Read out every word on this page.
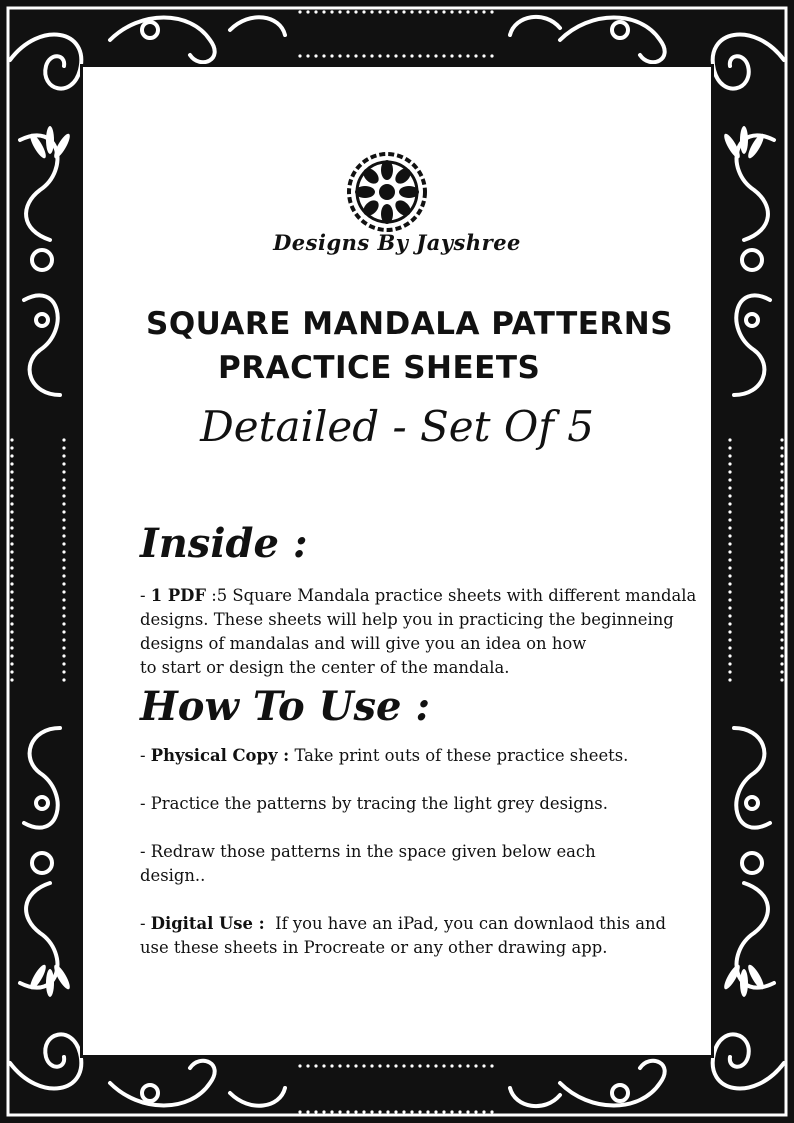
Designs By Jayshree
SQUARE MANDALA PATTERNS
PRACTICE SHEETS
Detailed - Set Of 5
Inside :

- 1 PDF :5 Square Mandala practice sheets with different mandala

designs. These sheets will help you in practicing the beginneing

designs of mandalas and will give you an idea on how

to start or design the center of the mandala.

How To Use :

- Physical Copy : Take print outs of these practice sheets.

- Practice the patterns by tracing the light grey designs.

- Redraw those patterns in the space given below each

design..

- Digital Use :  If you have an iPad, you can downlaod this and

use these sheets in Procreate or any other drawing app.
